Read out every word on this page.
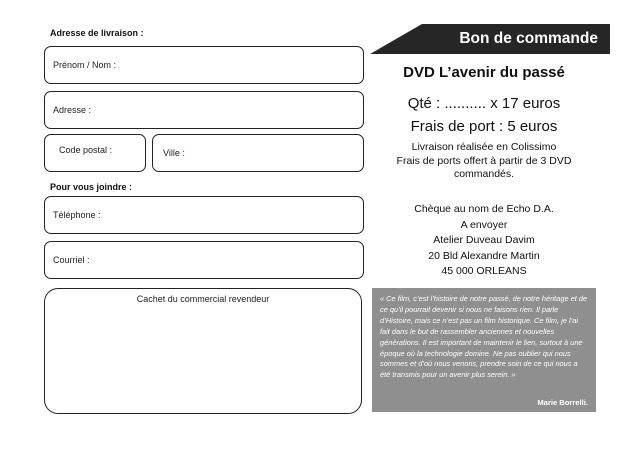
Adresse de livraison :
Prénom / Nom :
Adresse :
Code postal :	Ville :
Pour vous joindre :
Téléphone :
Courriel :
Cachet du commercial revendeur
Bon de commande
DVD L’avenir du passé
Qté : .......... x 17 euros
Frais de port : 5 euros
Livraison réalisée en Colissimo
Frais de ports offert à partir de 3 DVD
commandés.
Chèque au nom de Echo D.A.
A envoyer
Atelier Duveau Davim
20 Bld Alexandre Martin
45 000 ORLEANS
« Ce film, c’est l’histoire de notre passé, de notre héritage et de ce qu’il pourrait devenir si nous ne faisons rien. Il parle d’Histoire, mais ce n’est pas un film historique. Ce film, je l’ai fait dans le but de rassembler anciennes et nouvelles générations. Il est important de maintenir le lien, surtout à une époque où la technologie domine. Ne pas oublier qui nous sommes et d’où nous venons, prendre soin de ce qui nous a été transmis pour un avenir plus serein. »
Marie Borrelli.
